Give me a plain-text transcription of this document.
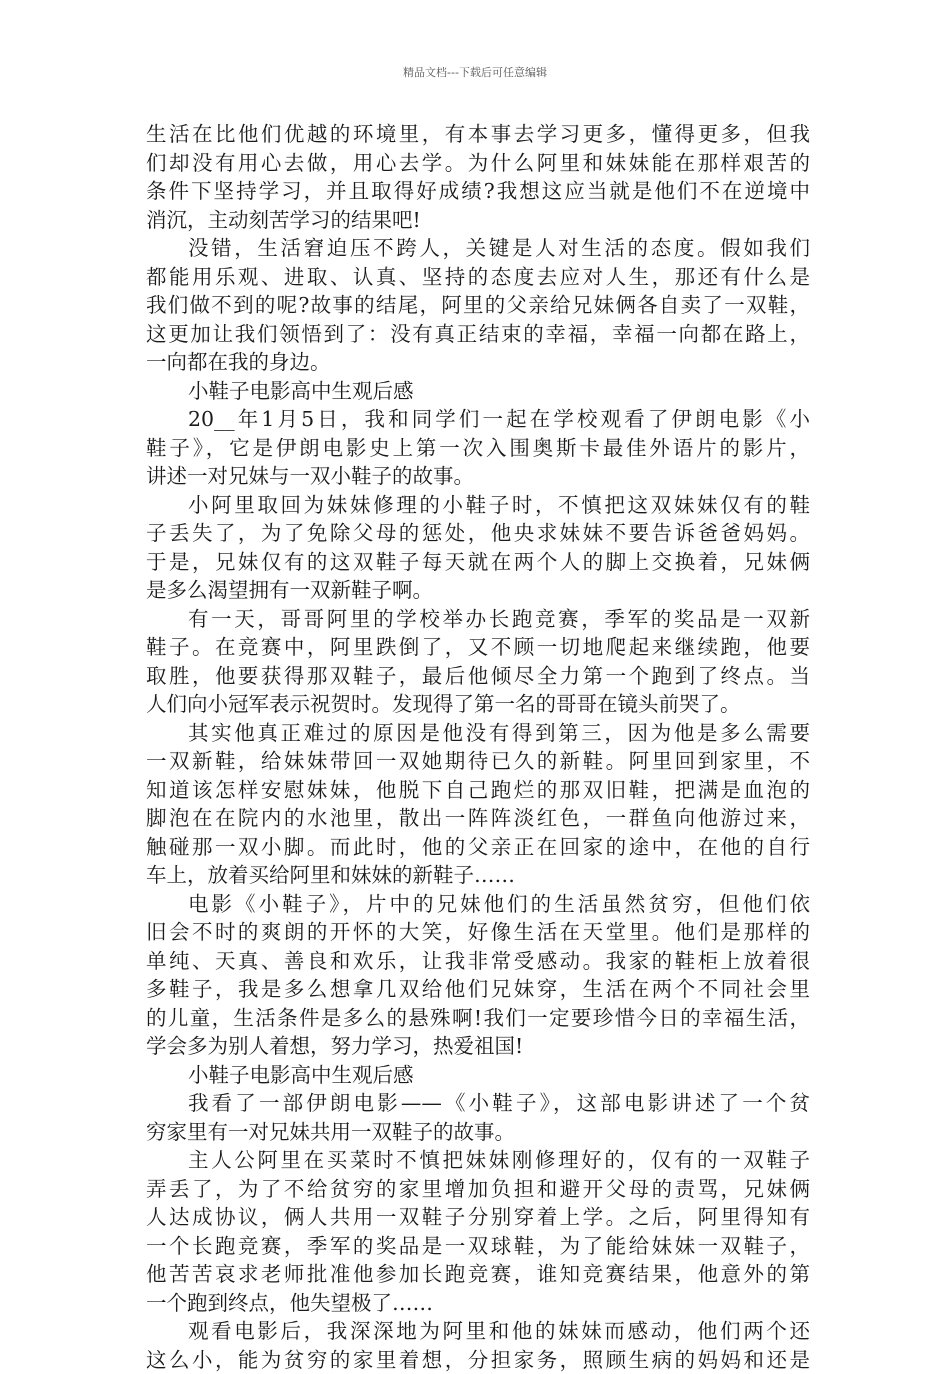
精品文档---下载后可任意编辑
生活在比他们优越的环境里，有本事去学习更多，懂得更多，但我
们却没有用心去做，用心去学。为什么阿里和妹妹能在那样艰苦的
条件下坚持学习，并且取得好成绩?我想这应当就是他们不在逆境中
消沉，主动刻苦学习的结果吧!
没错，生活窘迫压不跨人，关键是人对生活的态度。假如我们
都能用乐观、进取、认真、坚持的态度去应对人生，那还有什么是
我们做不到的呢?故事的结尾，阿里的父亲给兄妹俩各自卖了一双鞋，
这更加让我们领悟到了：没有真正结束的幸福，幸福一向都在路上，
一向都在我的身边。
小鞋子电影高中生观后感
20__年1月5日，我和同学们一起在学校观看了伊朗电影《小
鞋子》，它是伊朗电影史上第一次入围奥斯卡最佳外语片的影片，
讲述一对兄妹与一双小鞋子的故事。
小阿里取回为妹妹修理的小鞋子时，不慎把这双妹妹仅有的鞋
子丢失了，为了免除父母的惩处，他央求妹妹不要告诉爸爸妈妈。
于是，兄妹仅有的这双鞋子每天就在两个人的脚上交换着，兄妹俩
是多么渴望拥有一双新鞋子啊。
有一天，哥哥阿里的学校举办长跑竞赛，季军的奖品是一双新
鞋子。在竞赛中，阿里跌倒了，又不顾一切地爬起来继续跑，他要
取胜，他要获得那双鞋子，最后他倾尽全力第一个跑到了终点。当
人们向小冠军表示祝贺时。发现得了第一名的哥哥在镜头前哭了。
其实他真正难过的原因是他没有得到第三，因为他是多么需要
一双新鞋，给妹妹带回一双她期待已久的新鞋。阿里回到家里，不
知道该怎样安慰妹妹，他脱下自己跑烂的那双旧鞋，把满是血泡的
脚泡在在院内的水池里，散出一阵阵淡红色，一群鱼向他游过来，
触碰那一双小脚。而此时，他的父亲正在回家的途中，在他的自行
车上，放着买给阿里和妹妹的新鞋子……
电影《小鞋子》，片中的兄妹他们的生活虽然贫穷，但他们依
旧会不时的爽朗的开怀的大笑，好像生活在天堂里。他们是那样的
单纯、天真、善良和欢乐，让我非常受感动。我家的鞋柜上放着很
多鞋子，我是多么想拿几双给他们兄妹穿，生活在两个不同社会里
的儿童，生活条件是多么的悬殊啊!我们一定要珍惜今日的幸福生活，
学会多为别人着想，努力学习，热爱祖国!
小鞋子电影高中生观后感
我看了一部伊朗电影——《小鞋子》，这部电影讲述了一个贫
穷家里有一对兄妹共用一双鞋子的故事。
主人公阿里在买菜时不慎把妹妹刚修理好的，仅有的一双鞋子
弄丢了，为了不给贫穷的家里增加负担和避开父母的责骂，兄妹俩
人达成协议，俩人共用一双鞋子分别穿着上学。之后，阿里得知有
一个长跑竞赛，季军的奖品是一双球鞋，为了能给妹妹一双鞋子，
他苦苦哀求老师批准他参加长跑竞赛，谁知竞赛结果，他意外的第
一个跑到终点，他失望极了……
观看电影后，我深深地为阿里和他的妹妹而感动，他们两个还
这么小，能为贫穷的家里着想，分担家务，照顾生病的妈妈和还是
